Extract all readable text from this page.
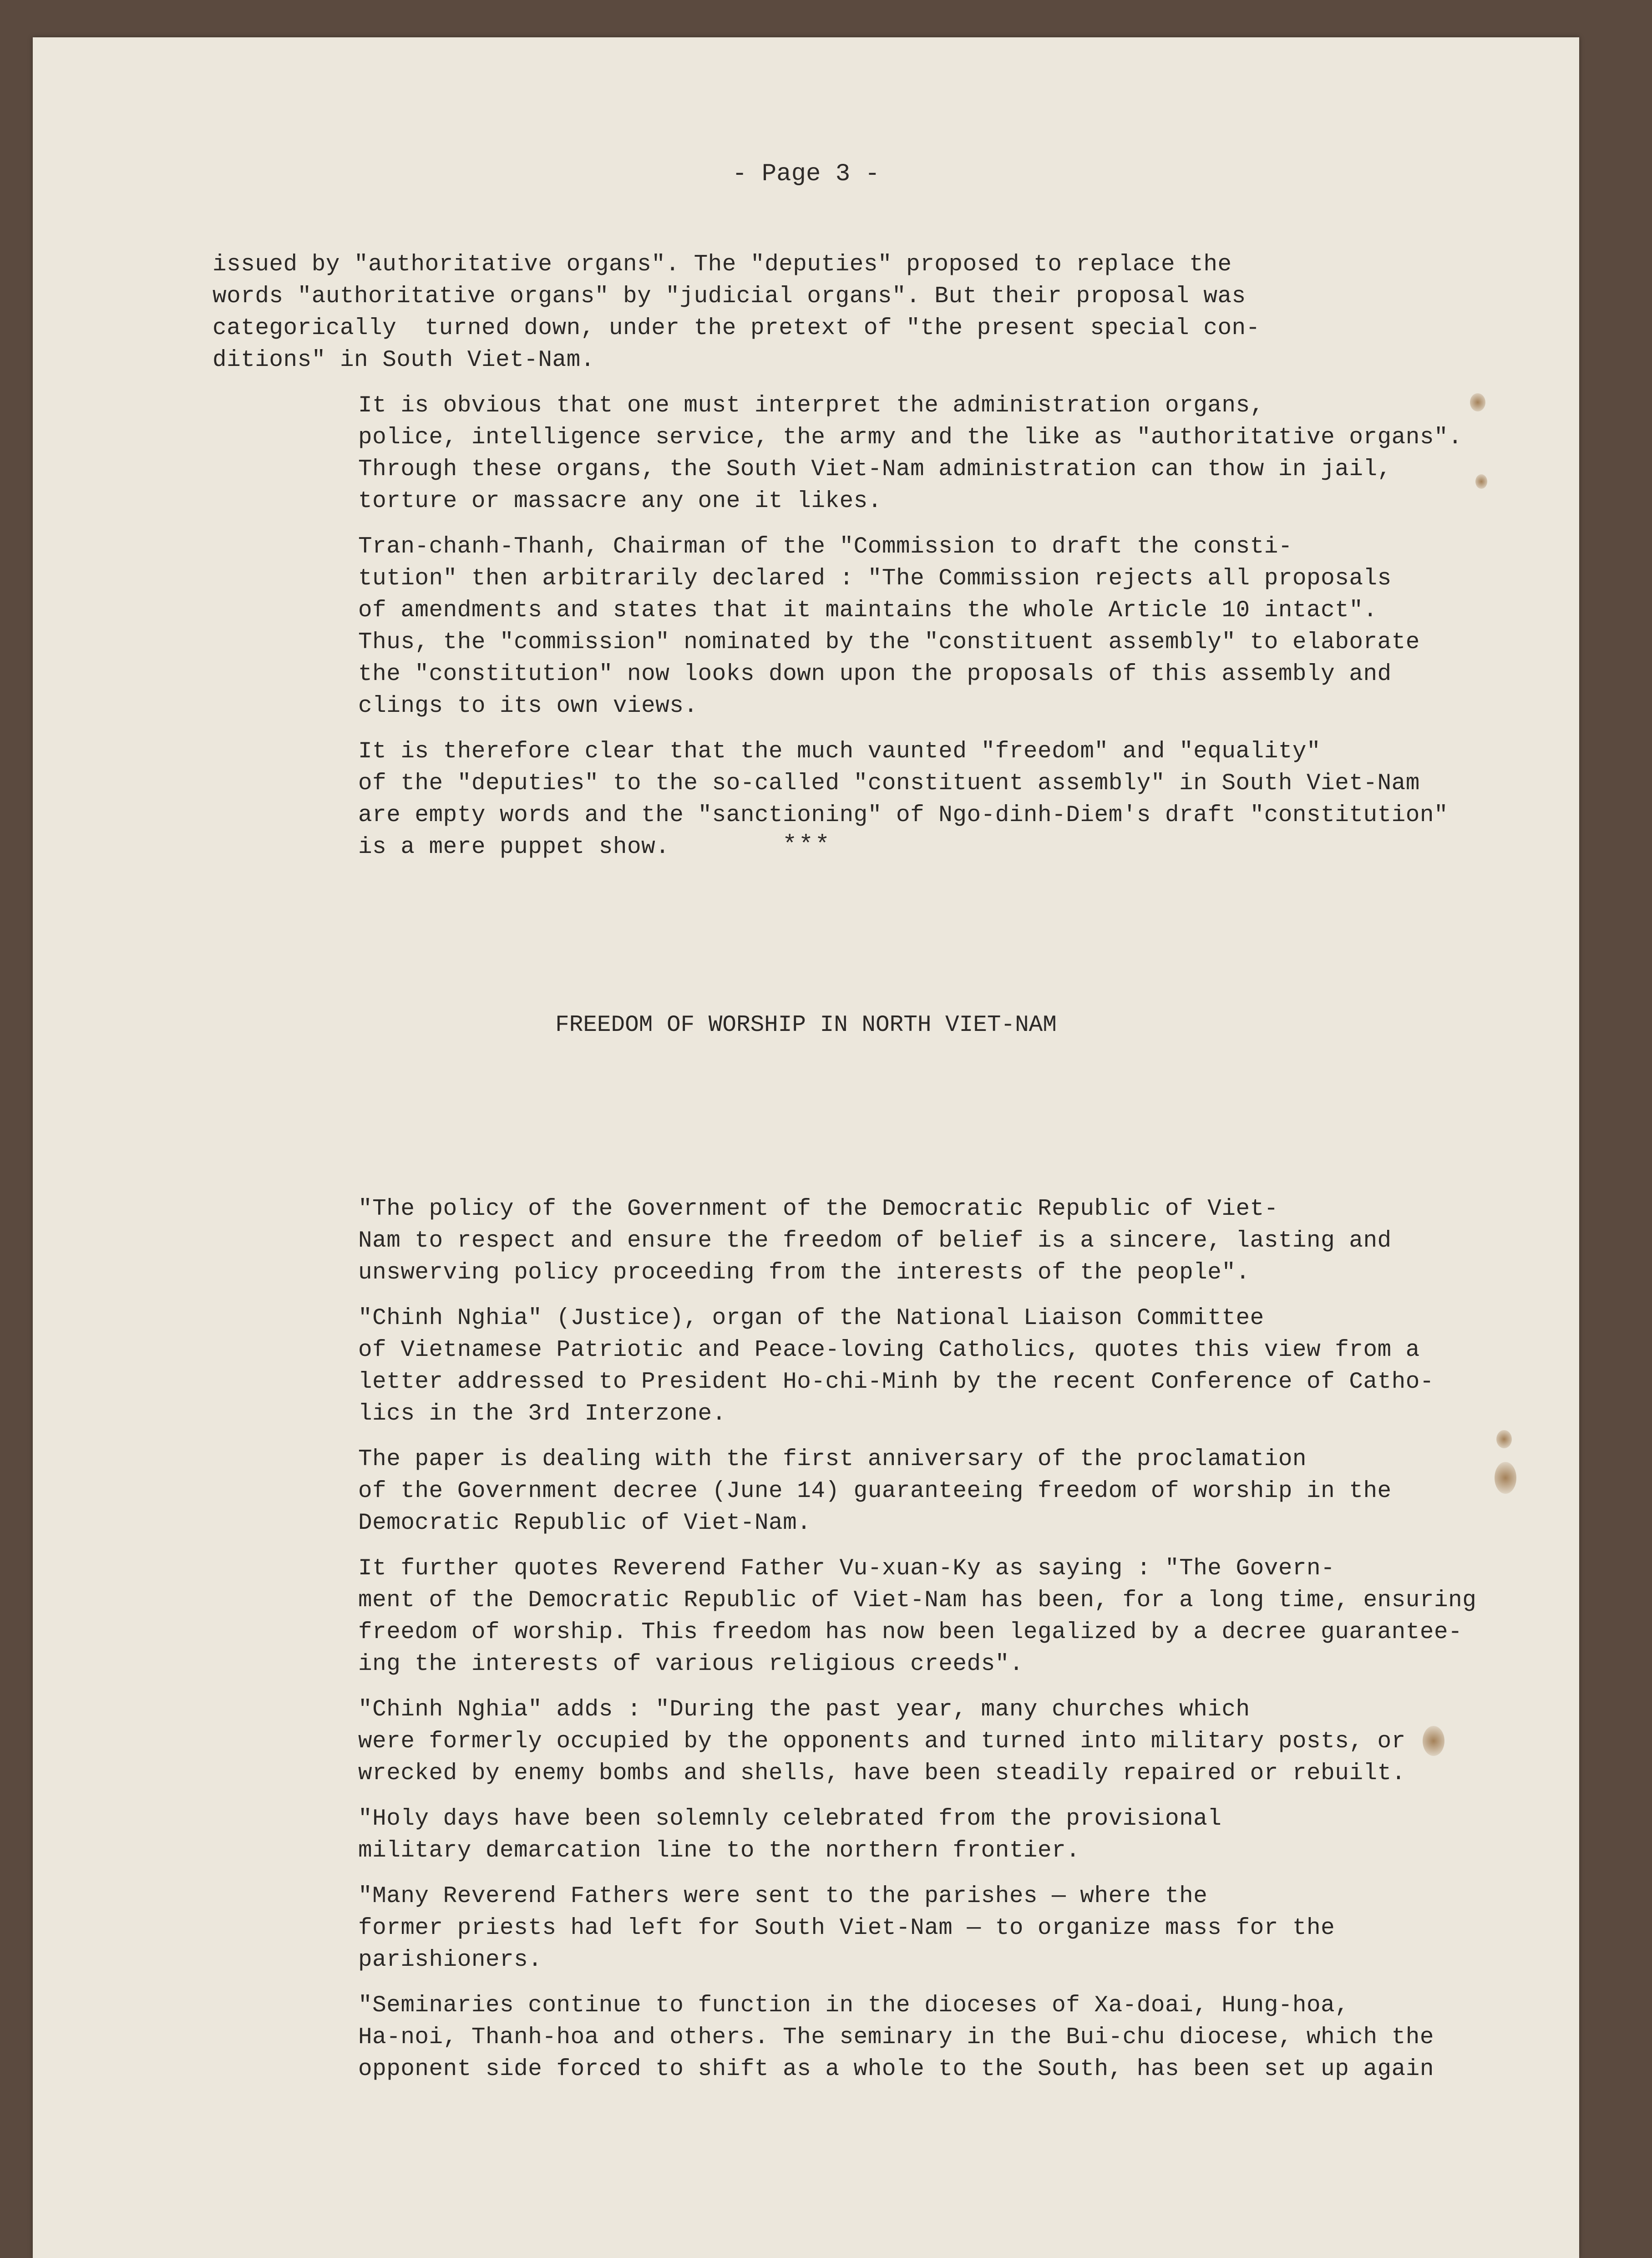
- Page 3 -
issued by "authoritative organs". The "deputies" proposed to replace the
words "authoritative organs" by "judicial organs". But their proposal was
categorically  turned down, under the pretext of "the present special con-
ditions" in South Viet-Nam.
It is obvious that one must interpret the administration organs,
police, intelligence service, the army and the like as "authoritative organs".
Through these organs, the South Viet-Nam administration can thow in jail,
torture or massacre any one it likes.
Tran-chanh-Thanh, Chairman of the "Commission to draft the consti-
tution" then arbitrarily declared : "The Commission rejects all proposals
of amendments and states that it maintains the whole Article 10 intact".
Thus, the "commission" nominated by the "constituent assembly" to elaborate
the "constitution" now looks down upon the proposals of this assembly and
clings to its own views.
It is therefore clear that the much vaunted "freedom" and "equality"
of the "deputies" to the so-called "constituent assembly" in South Viet-Nam
are empty words and the "sanctioning" of Ngo-dinh-Diem's draft "constitution"
is a mere puppet show.	* * *
FREEDOM OF WORSHIP IN NORTH VIET-NAM
"The policy of the Government of the Democratic Republic of Viet-
Nam to respect and ensure the freedom of belief is a sincere, lasting and
unswerving policy proceeding from the interests of the people".
"Chinh Nghia" (Justice), organ of the National Liaison Committee
of Vietnamese Patriotic and Peace-loving Catholics, quotes this view from a
letter addressed to President Ho-chi-Minh by the recent Conference of Catho-
lics in the 3rd Interzone.
The paper is dealing with the first anniversary of the proclamation
of the Government decree (June 14) guaranteeing freedom of worship in the
Democratic Republic of Viet-Nam.
It further quotes Reverend Father Vu-xuan-Ky as saying : "The Govern-
ment of the Democratic Republic of Viet-Nam has been, for a long time, ensuring
freedom of worship. This freedom has now been legalized by a decree guarantee-
ing the interests of various religious creeds".
"Chinh Nghia" adds : "During the past year, many churches which
were formerly occupied by the opponents and turned into military posts, or
wrecked by enemy bombs and shells, have been steadily repaired or rebuilt.
"Holy days have been solemnly celebrated from the provisional
military demarcation line to the northern frontier.
"Many Reverend Fathers were sent to the parishes — where the
former priests had left for South Viet-Nam — to organize mass for the
parishioners.
"Seminaries continue to function in the dioceses of Xa-doai, Hung-hoa,
Ha-noi, Thanh-hoa and others. The seminary in the Bui-chu diocese, which the
opponent side forced to shift as a whole to the South, has been set up again
